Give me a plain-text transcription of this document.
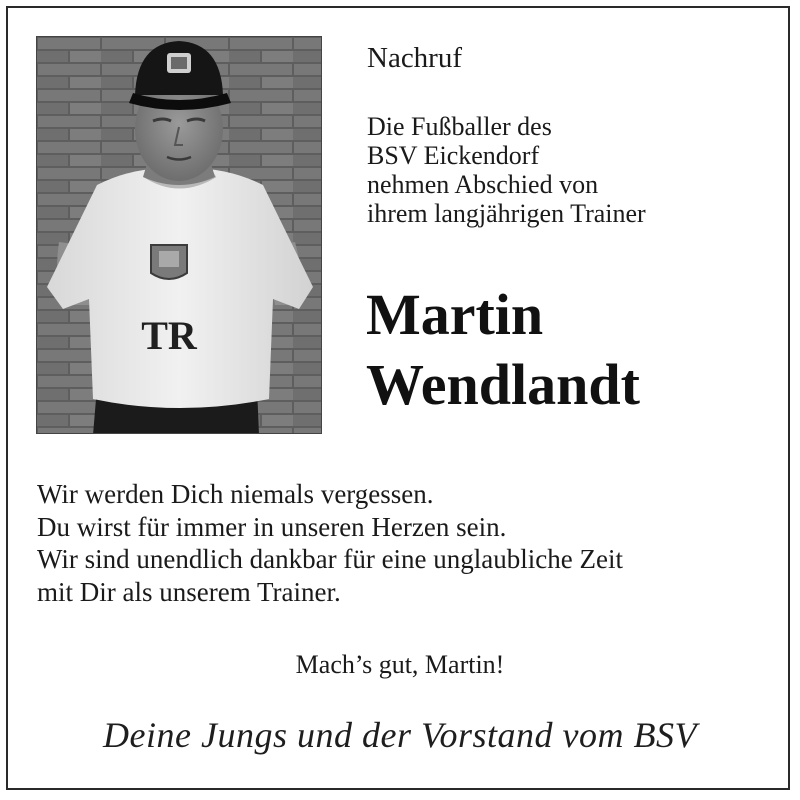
TR
Nachruf
Die Fußballer des
BSV Eickendorf
nehmen Abschied von
ihrem langjährigen Trainer
Martin
Wendlandt
Wir werden Dich niemals vergessen.
Du wirst für immer in unseren Herzen sein.
Wir sind unendlich dankbar für eine unglaubliche Zeit
mit Dir als unserem Trainer.
Mach’s gut, Martin!
Deine Jungs und der Vorstand vom BSV
